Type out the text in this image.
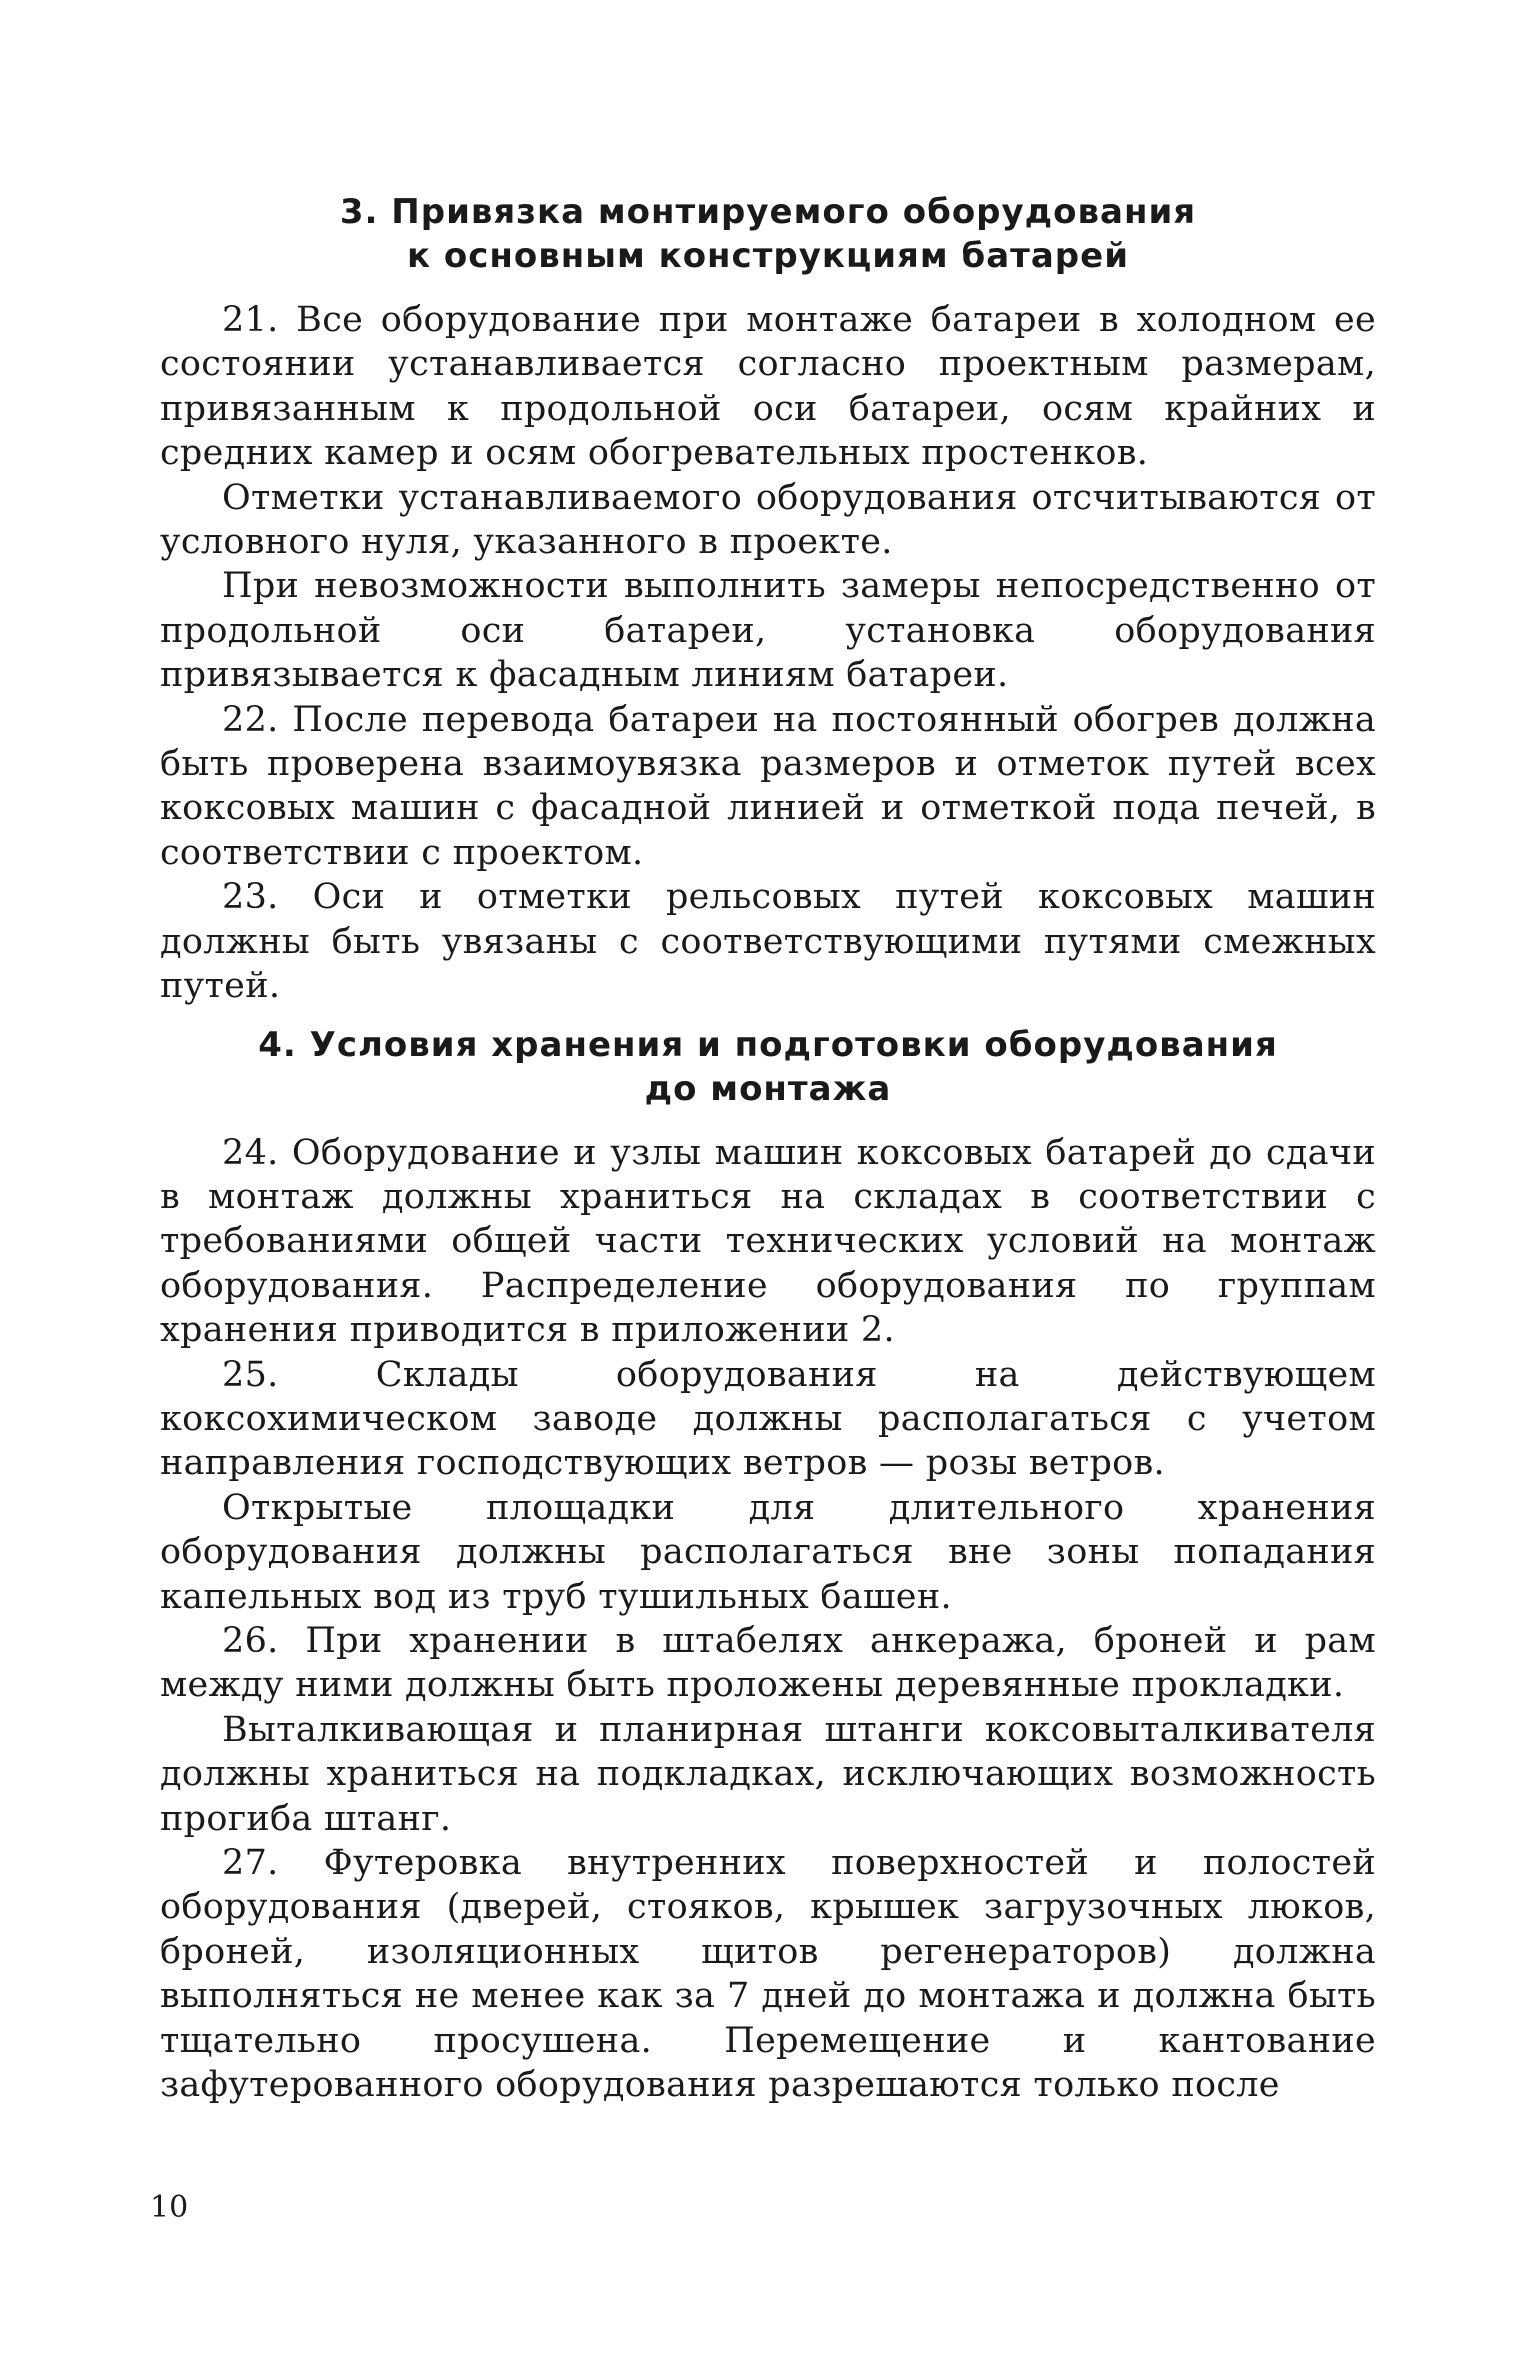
3. Привязка монтируемого оборудования
к основным конструкциям батарей

21. Все оборудование при монтаже батареи в холодном ее состоянии устанавливается согласно проектным размерам, привязанным к продольной оси батареи, осям крайних и средних камер и осям обогревательных простенков.

Отметки устанавливаемого оборудования отсчитываются от условного нуля, указанного в проекте.

При невозможности выполнить замеры непосредственно от продольной оси батареи, установка оборудования привязывается к фасадным линиям батареи.

22. После перевода батареи на постоянный обогрев должна быть проверена взаимоувязка размеров и отметок путей всех коксовых машин с фасадной линией и отметкой пода печей, в соответствии с проектом.

23. Оси и отметки рельсовых путей коксовых машин должны быть увязаны с соответствующими путями смежных путей.

4. Условия хранения и подготовки оборудования
до монтажа

24. Оборудование и узлы машин коксовых батарей до сдачи в монтаж должны храниться на складах в соответствии с требованиями общей части технических условий на монтаж оборудования. Распределение оборудования по группам хранения приводится в приложении 2.

25. Склады оборудования на действующем коксохимическом заводе должны располагаться с учетом направления господствующих ветров — розы ветров.

Открытые площадки для длительного хранения оборудования должны располагаться вне зоны попадания капельных вод из труб тушильных башен.

26. При хранении в штабелях анкеража, броней и рам между ними должны быть проложены деревянные прокладки.

Выталкивающая и планирная штанги коксовыталкивателя должны храниться на подкладках, исключающих возможность прогиба штанг.

27. Футеровка внутренних поверхностей и полостей оборудования (дверей, стояков, крышек загрузочных люков, броней, изоляционных щитов регенераторов) должна выполняться не менее как за 7 дней до монтажа и должна быть тщательно просушена. Перемещение и кантование зафутерованного оборудования разрешаются только после

10
